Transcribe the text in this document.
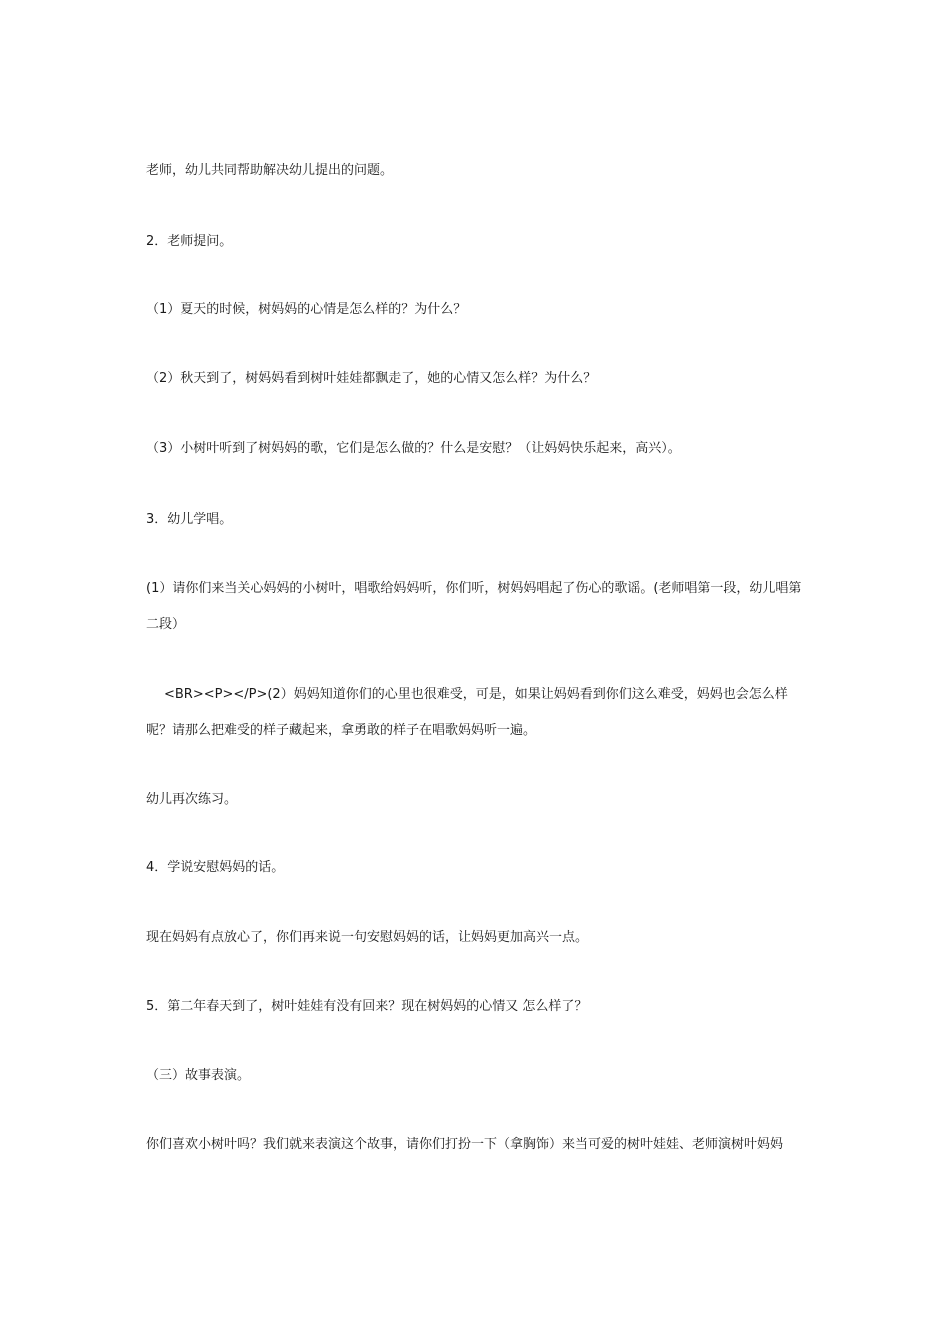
老师，幼儿共同帮助解决幼儿提出的问题。

2．老师提问。

（1）夏天的时候，树妈妈的心情是怎么样的？为什么？

（2）秋天到了，树妈妈看到树叶娃娃都飘走了，她的心情又怎么样？为什么？

（3）小树叶听到了树妈妈的歌，它们是怎么做的？什么是安慰？（让妈妈快乐起来，高兴）。

3．幼儿学唱。

(1）请你们来当关心妈妈的小树叶，唱歌给妈妈听，你们听，树妈妈唱起了伤心的歌谣。(老师唱第一段，幼儿唱第二段）

<BR><P></P>(2）妈妈知道你们的心里也很难受，可是，如果让妈妈看到你们这么难受，妈妈也会怎么样呢？请那么把难受的样子藏起来，拿勇敢的样子在唱歌妈妈听一遍。

幼儿再次练习。

4．学说安慰妈妈的话。

现在妈妈有点放心了，你们再来说一句安慰妈妈的话，让妈妈更加高兴一点。

5．第二年春天到了，树叶娃娃有没有回来？现在树妈妈的心情又 怎么样了？

（三）故事表演。

你们喜欢小树叶吗？我们就来表演这个故事，请你们打扮一下（拿胸饰）来当可爱的树叶娃娃、老师演树叶妈妈
